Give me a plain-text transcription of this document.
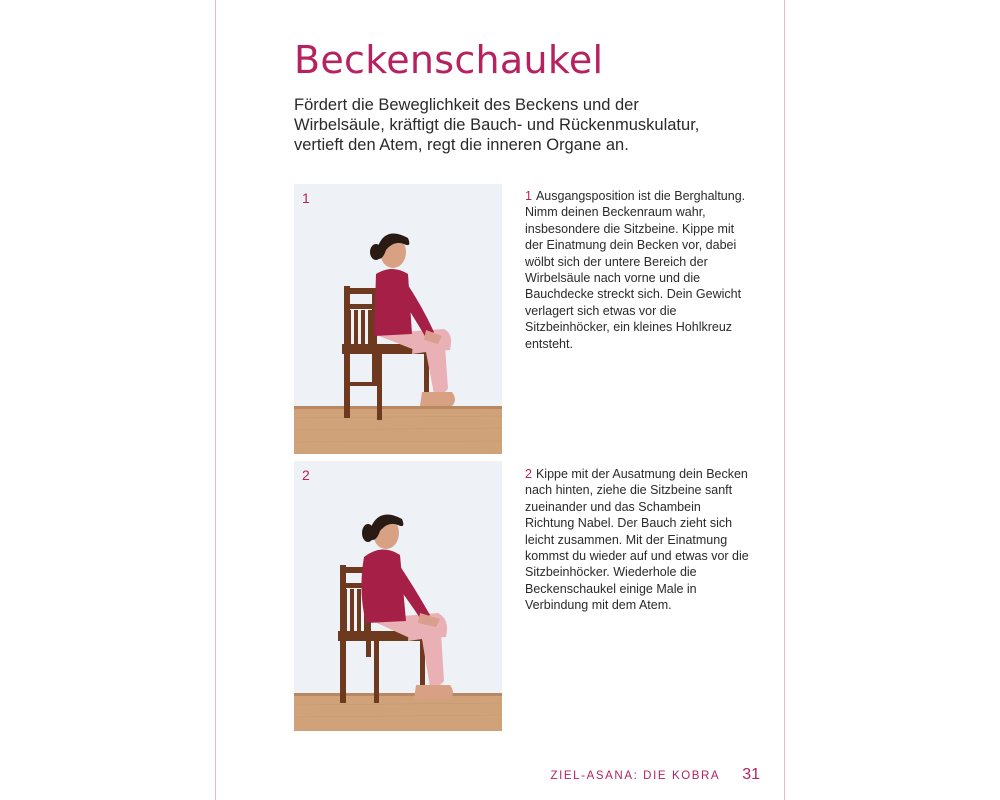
Beckenschaukel

Fördert die Beweglichkeit des Beckens und der Wirbelsäule, kräftigt die Bauch- und Rückenmuskulatur, vertieft den Atem, regt die inneren Organe an.

1	1 Ausgangsposition ist die Berghaltung. Nimm deinen Beckenraum wahr, insbesondere die Sitzbeine. Kippe mit der Einatmung dein Becken vor, dabei wölbt sich der untere Bereich der Wirbelsäule nach vorne und die Bauchdecke streckt sich. Dein Gewicht verlagert sich etwas vor die Sitzbeinhöcker, ein kleines Hohlkreuz entsteht.

2	2 Kippe mit der Ausatmung dein Becken nach hinten, ziehe die Sitzbeine sanft zueinander und das Schambein Richtung Nabel. Der Bauch zieht sich leicht zusammen. Mit der Einatmung kommst du wieder auf und etwas vor die Sitzbeinhöcker. Wiederhole die Beckenschaukel einige Male in Verbindung mit dem Atem.

ZIEL-ASANA: DIE KOBRA 31
